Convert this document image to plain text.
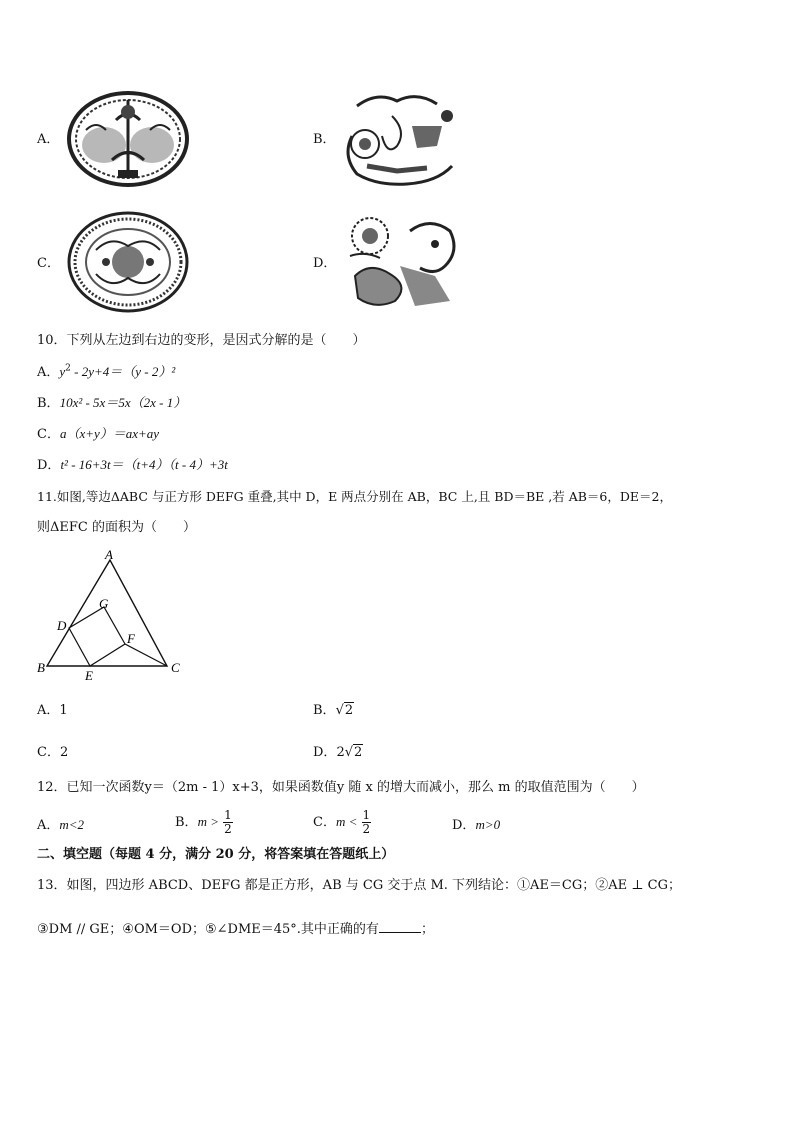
A．	B．
C．	D．
10．下列从左边到右边的变形，是因式分解的是（　　）
A．$y^2 - 2y+4=(y - 2)^2$
B．10x² - 5x＝5x（2x - 1）
C．a（x+y）＝ax+ay
D．t² - 16+3t＝（t+4）（t - 4）+3t
11.如图,等边ΔABC 与正方形 DEFG 重叠,其中 D，E 两点分别在 AB，BC 上,且 BD＝BE ,若 AB＝6，DE＝2，
则ΔEFC 的面积为（　　）
A
D
G
F
B
E
C
A．1	B．√2
C．2	D．2√2
12．已知一次函数y＝（2m - 1）x+3，如果函数值y 随 x 的增大而减小，那么 m 的取值范围为（　　）
A．m<2	B．$m > \frac{1}{2}$	C．$m < \frac{1}{2}$	D．m>0
二、填空题（每题 4 分，满分 20 分，将答案填在答题纸上）
13．如图，四边形 ABCD、DEFG 都是正方形，AB 与 CG 交于点 M. 下列结论：①AE＝CG；②AE ⊥ CG；
③DM // GE；④OM＝OD；⑤∠DME＝45°.其中正确的有	；
